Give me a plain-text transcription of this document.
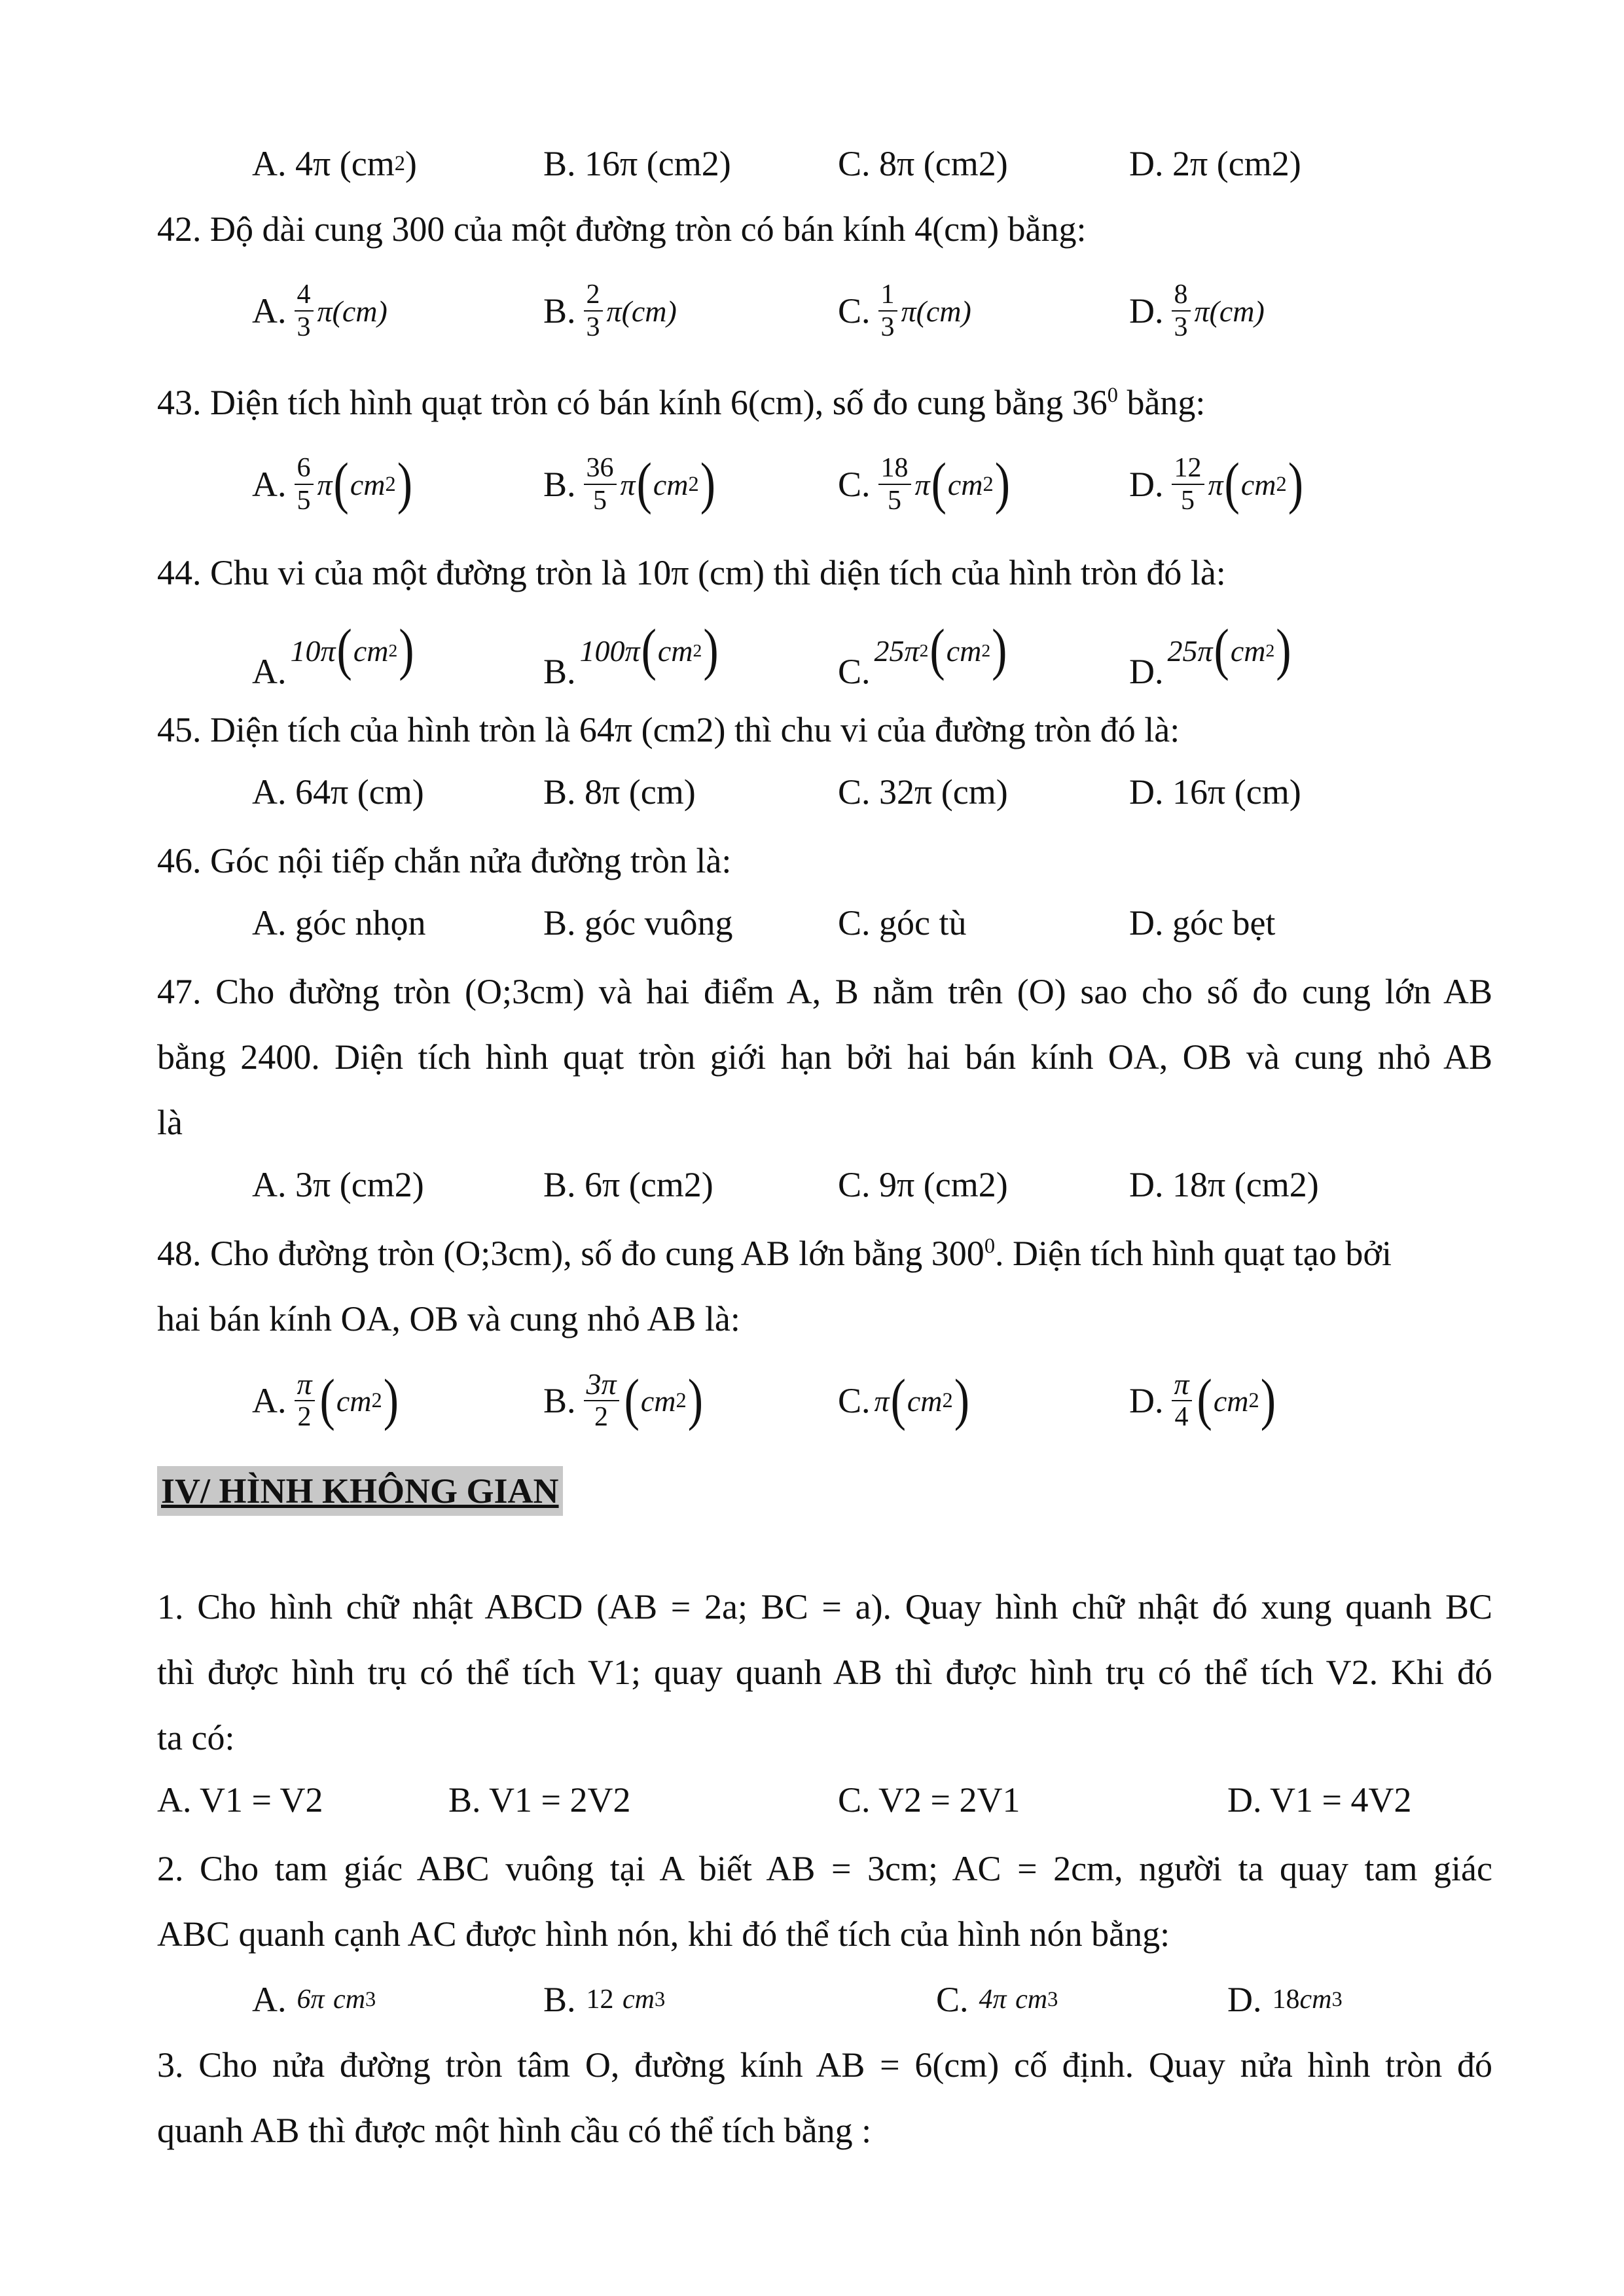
A. 4π (cm 2 )	B. 16π (cm2)	C. 8π (cm2)	D. 2π (cm2)
42. Độ dài cung 300 của một đường tròn có bán kính 4(cm) bằng:
A. $\frac{4}{3} \pi(cm)$	B. $\frac{2}{3} \pi(cm)$	C. $\frac{1}{3} \pi(cm)$	D. $\frac{8}{3} \pi(cm)$
43. Diện tích hình quạt tròn có bán kính 6(cm), số đo cung bằng $36^0$ bằng:
A. $\frac{6}{5}$ π ( cm 2 )	B. $\frac{36}{5}$ π ( cm 2 )	C. $\frac{18}{5}$ π ( cm 2 )	D. $\frac{12}{5}$ π ( cm 2 )
44. Chu vi của một đường tròn là 10π (cm) thì diện tích của hình tròn đó là:
A.
10π ( cm 2 )	B.
100π ( cm 2 )	C.
25π 2 ( cm 2 )	D.
25π ( cm 2 )
45. Diện tích của hình tròn là 64π (cm2) thì chu vi của đường tròn đó là:
A. 64π (cm)	B. 8π (cm)	C. 32π (cm)	D. 16π (cm)
46. Góc nội tiếp chắn nửa đường tròn là:
A. góc nhọn	B. góc vuông	C. góc tù	D. góc bẹt
47. Cho đường tròn (O;3cm) và hai điểm A, B nằm trên (O) sao cho số đo cung lớn AB
bằng 2400. Diện tích hình quạt tròn giới hạn bởi hai bán kính OA, OB và cung nhỏ AB
là
A. 3π (cm2)	B. 6π (cm2)	C. 9π (cm2)	D. 18π (cm2)
48. Cho đường tròn (O;3cm), số đo cung AB lớn bằng $300^0$. Diện tích hình quạt tạo bởi
hai bán kính OA, OB và cung nhỏ AB là:
A. $\frac{\pi}{2}$ ( cm 2 )	B. $\frac{3\pi}{2}$ ( cm 2 )	C. π ( cm 2 )	D. $\frac{\pi}{4}$ ( cm 2 )
IV/ HÌNH KHÔNG GIAN
1. Cho hình chữ nhật ABCD (AB = 2a; BC = a). Quay hình chữ nhật đó xung quanh BC
thì được hình trụ có thể tích V1; quay quanh AB thì được hình trụ có thể tích V2. Khi đó
ta có:
A. V1 = V2	B. V1 = 2V2	C. V2 = 2V1	D. V1 = 4V2
2. Cho tam giác ABC vuông tại A biết AB = 3cm; AC = 2cm, người ta quay tam giác
ABC quanh cạnh AC được hình nón, khi đó thể tích của hình nón bằng:
A. 6π
cm 3	B. 12
cm 3	C. 4π
cm 3	D. 18 cm 3
3. Cho nửa đường tròn tâm O, đường kính AB = 6(cm) cố định. Quay nửa hình tròn đó
quanh AB thì được một hình cầu có thể tích bằng :
